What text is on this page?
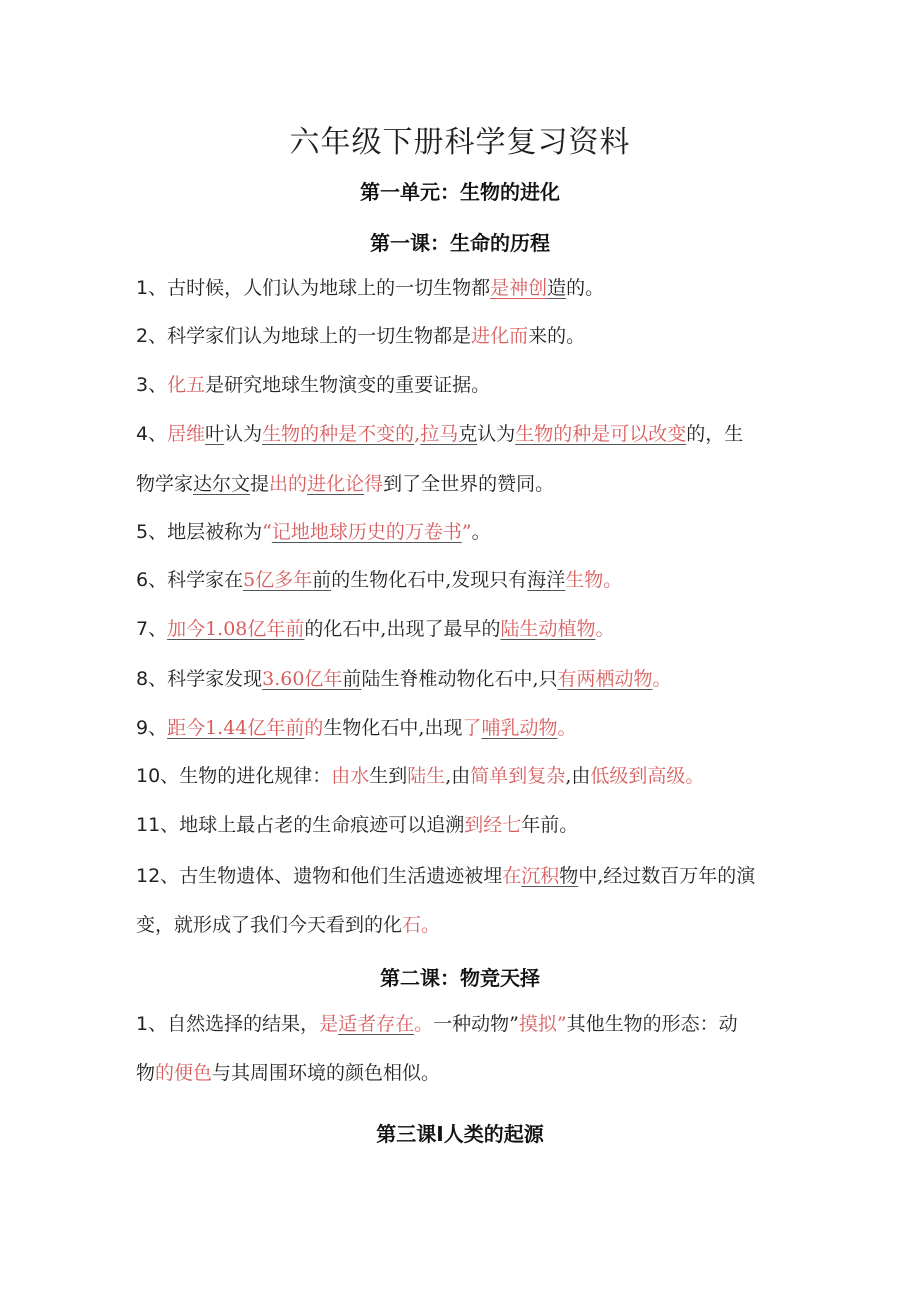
六年级下册科学复习资料
第一单元：生物的进化
第一课：生命的历程
1、古时候，人们认为地球上的一切生物都是神创造的。
2、科学家们认为地球上的一切生物都是进化而来的。
3、化五是研究地球生物演变的重要证据。
4、居维叶认为生物的种是不变的,拉马克认为生物的种是可以改变的，生
物学家达尔文提出的进化论得到了全世界的赞同。
5、地层被称为“记地地球历史的万卷书”。
6、科学家在5亿多年前的生物化石中,发现只有海洋生物。
7、加今1.08亿年前的化石中,出现了最早的陆生动植物。
8、科学家发现3.60亿年前陆生脊椎动物化石中,只有两栖动物。
9、距今1.44亿年前的生物化石中,出现了哺乳动物。
10、生物的进化规律：由水生到陆生,由简单到复杂,由低级到高级。
11、地球上最占老的生命痕迹可以追溯到经七年前。
12、古生物遗体、遗物和他们生活遗迹被埋在沉积物中,经过数百万年的演
变，就形成了我们今天看到的化石。
第二课：物竞天择
1、自然选择的结果，是适者存在。一种动物”摸拟”其他生物的形态：动
物的便色与其周围环境的颜色相似。
第三课I人类的起源
